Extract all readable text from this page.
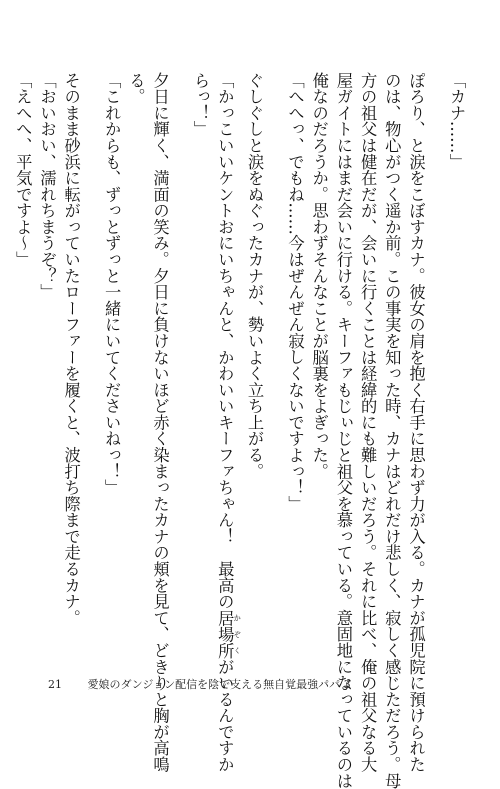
「カナ……」

ぽろり、と涙をこぼすカナ。彼女の肩を抱く右手に思わず力が入る。カナが孤児院に預けられた

のは、物心がつく遥か前。この事実を知った時、カナはどれだけ悲しく、寂しく感じただろう。母

方の祖父は健在だが、会いに行くことは経緯的にも難しいだろう。それに比べ、俺の祖父なる大

屋ガイトにはまだ会いに行ける。キーファもじぃじと祖父を慕っている。意固地になっているのは

俺なのだろうか。思わずそんなことが脳裏をよぎった。

「へへっ、でもね……今はぜんぜん寂しくないですよっ！」

ぐしぐしと涙をぬぐったカナが、勢いよく立ち上がる。

「かっこいいケントおにいちゃんと、かわいいキーファちゃん！　最高の居場所 かぞくがいるんですか

らっ！」

夕日に輝く、満面の笑み。夕日に負けないほど赤く染まったカナの頬を見て、どきりと胸が高鳴

る。

「これからも、ずっとずっと一緒にいてくださいねっ！」

そのまま砂浜に転がっていたローファーを履くと、波打ち際まで走るカナ。

「おいおい、濡れちまうぞ？」

「えへへ、平気ですよ～」

21 愛娘のダンジョン配信を陰で支える無自覚最強パパ 3
